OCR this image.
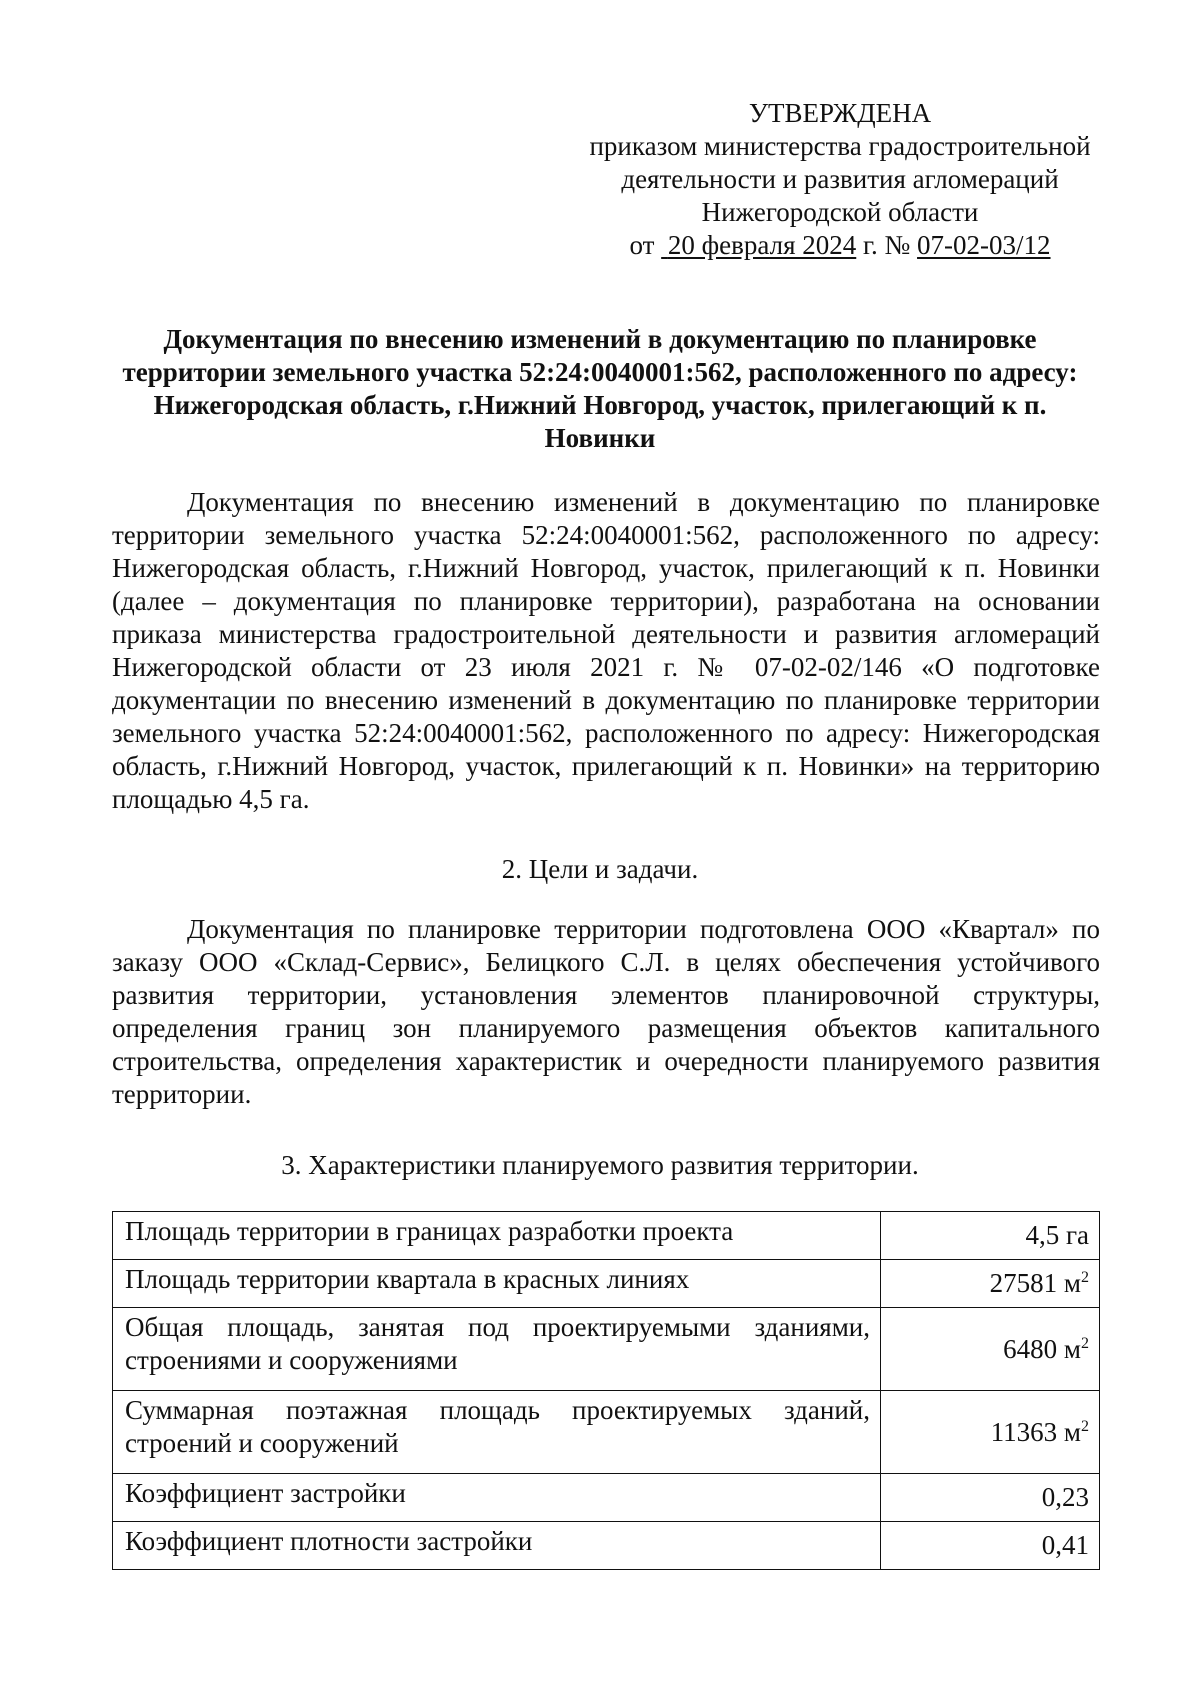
УТВЕРЖДЕНА
приказом министерства градостроительной
деятельности и развития агломераций
Нижегородской области
от 20 февраля 2024 г. № 07-02-03/12
Документация по внесению изменений в документацию по планировке территории земельного участка 52:24:0040001:562, расположенного по адресу: Нижегородская область, г.Нижний Новгород, участок, прилегающий к п. Новинки

Документация по внесению изменений в документацию по планировке территории земельного участка 52:24:0040001:562, расположенного по адресу: Нижегородская область, г.Нижний Новгород, участок, прилегающий к п. Новинки (далее – документация по планировке территории), разработана на основании приказа министерства градостроительной деятельности и развития агломераций Нижегородской области от 23 июля 2021 г. № 07-02-02/146 «О подготовке документации по внесению изменений в документацию по планировке территории земельного участка 52:24:0040001:562, расположенного по адресу: Нижегородская область, г.Нижний Новгород, участок, прилегающий к п. Новинки» на территорию площадью 4,5 га.

2. Цели и задачи.

Документация по планировке территории подготовлена ООО «Квартал» по заказу ООО «Склад-Сервис», Белицкого С.Л. в целях обеспечения устойчивого развития территории, установления элементов планировочной структуры, определения границ зон планируемого размещения объектов капитального строительства, определения характеристик и очередности планируемого развития территории.

3. Характеристики планируемого развития территории.
Площадь территории в границах разработки проекта	4,5 га
Площадь территории квартала в красных линиях	27581 $м^2$
Общая площадь, занятая под проектируемыми зданиями, строениями и сооружениями	6480 $м^2$
Суммарная поэтажная площадь проектируемых зданий, строений и сооружений	11363 $м^2$
Коэффициент застройки	0,23
Коэффициент плотности застройки	0,41
